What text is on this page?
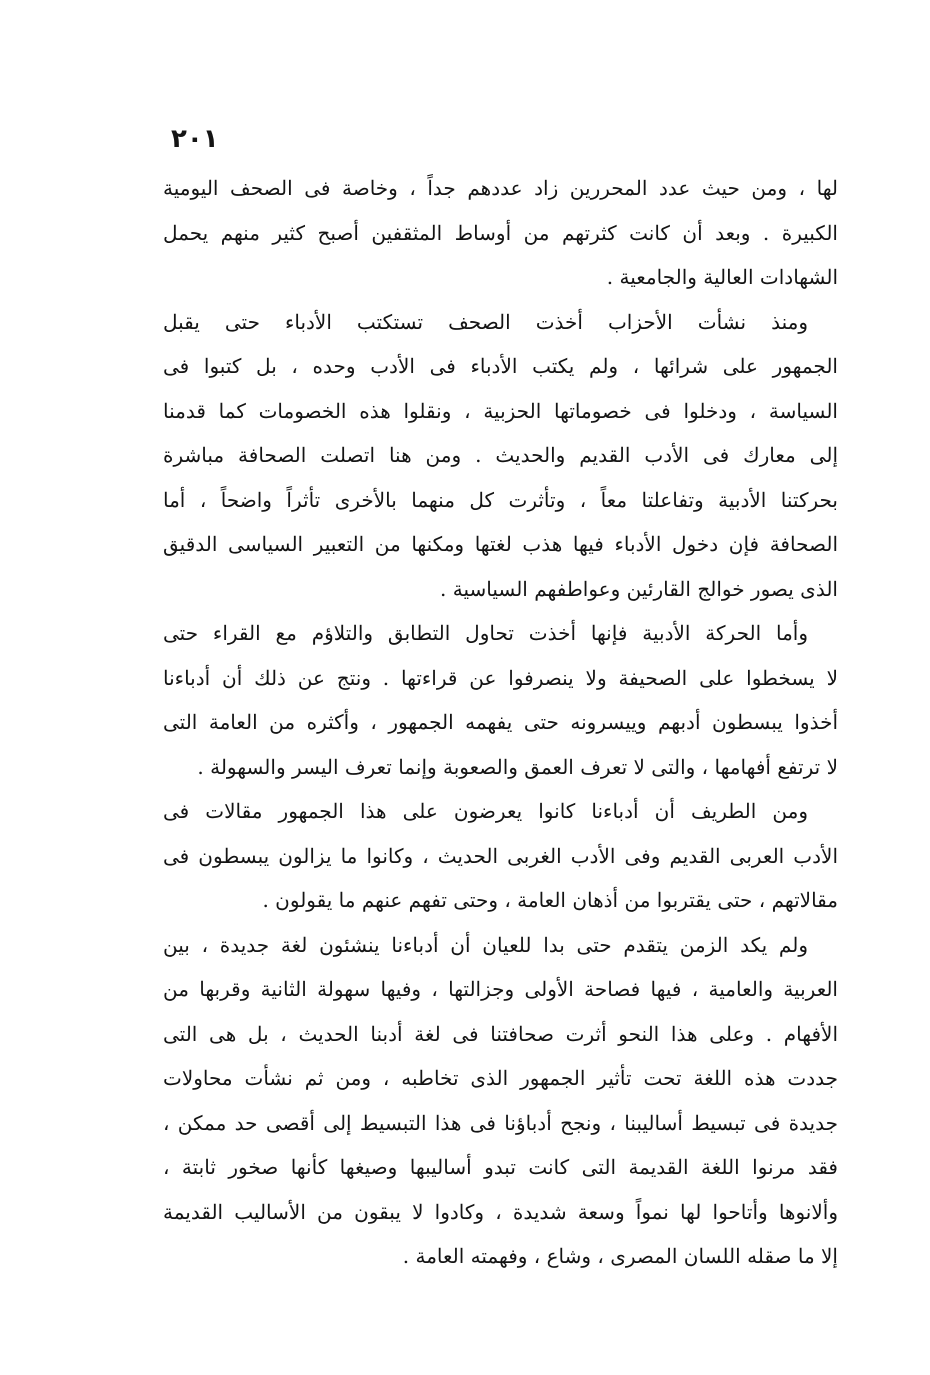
٢٠١
لها ، ومن حيث عدد المحررين زاد عددهم جداً ، وخاصة فى الصحف اليومية
الكبيرة . وبعد أن كانت كثرتهم من أوساط المثقفين أصبح كثير منهم يحمل
الشهادات العالية والجامعية .
ومنذ نشأت الأحزاب أخذت الصحف تستكتب الأدباء حتى يقبل
الجمهور على شرائها ، ولم يكتب الأدباء فى الأدب وحده ، بل كتبوا فى
السياسة ، ودخلوا فى خصوماتها الحزبية ، ونقلوا هذه الخصومات كما قدمنا
إلى معارك فى الأدب القديم والحديث . ومن هنا اتصلت الصحافة مباشرة
بحركتنا الأدبية وتفاعلتا معاً ، وتأثرت كل منهما بالأخرى تأثراً واضحاً ، أما
الصحافة فإن دخول الأدباء فيها هذب لغتها ومكنها من التعبير السياسى الدقيق
الذى يصور خوالج القارئين وعواطفهم السياسية .
وأما الحركة الأدبية فإنها أخذت تحاول التطابق والتلاؤم مع القراء حتى
لا يسخطوا على الصحيفة ولا ينصرفوا عن قراءتها . ونتج عن ذلك أن أدباءنا
أخذوا يبسطون أدبهم وييسرونه حتى يفهمه الجمهور ، وأكثره من العامة التى
لا ترتفع أفهامها ، والتى لا تعرف العمق والصعوبة وإنما تعرف اليسر والسهولة .
ومن الطريف أن أدباءنا كانوا يعرضون على هذا الجمهور مقالات فى
الأدب العربى القديم وفى الأدب الغربى الحديث ، وكانوا ما يزالون يبسطون فى
مقالاتهم ، حتى يقتربوا من أذهان العامة ، وحتى تفهم عنهم ما يقولون .
ولم يكد الزمن يتقدم حتى بدا للعيان أن أدباءنا ينشئون لغة جديدة ، بين
العربية والعامية ، فيها فصاحة الأولى وجزالتها ، وفيها سهولة الثانية وقربها من
الأفهام . وعلى هذا النحو أثرت صحافتنا فى لغة أدبنا الحديث ، بل هى التى
جددت هذه اللغة تحت تأثير الجمهور الذى تخاطبه ، ومن ثم نشأت محاولات
جديدة فى تبسيط أساليبنا ، ونجح أدباؤنا فى هذا التبسيط إلى أقصى حد ممكن ،
فقد مرنوا اللغة القديمة التى كانت تبدو أساليبها وصيغها كأنها صخور ثابتة ،
وألانوها وأتاحوا لها نمواً وسعة شديدة ، وكادوا لا يبقون من الأساليب القديمة
إلا ما صقله اللسان المصرى ، وشاع ، وفهمته العامة .
